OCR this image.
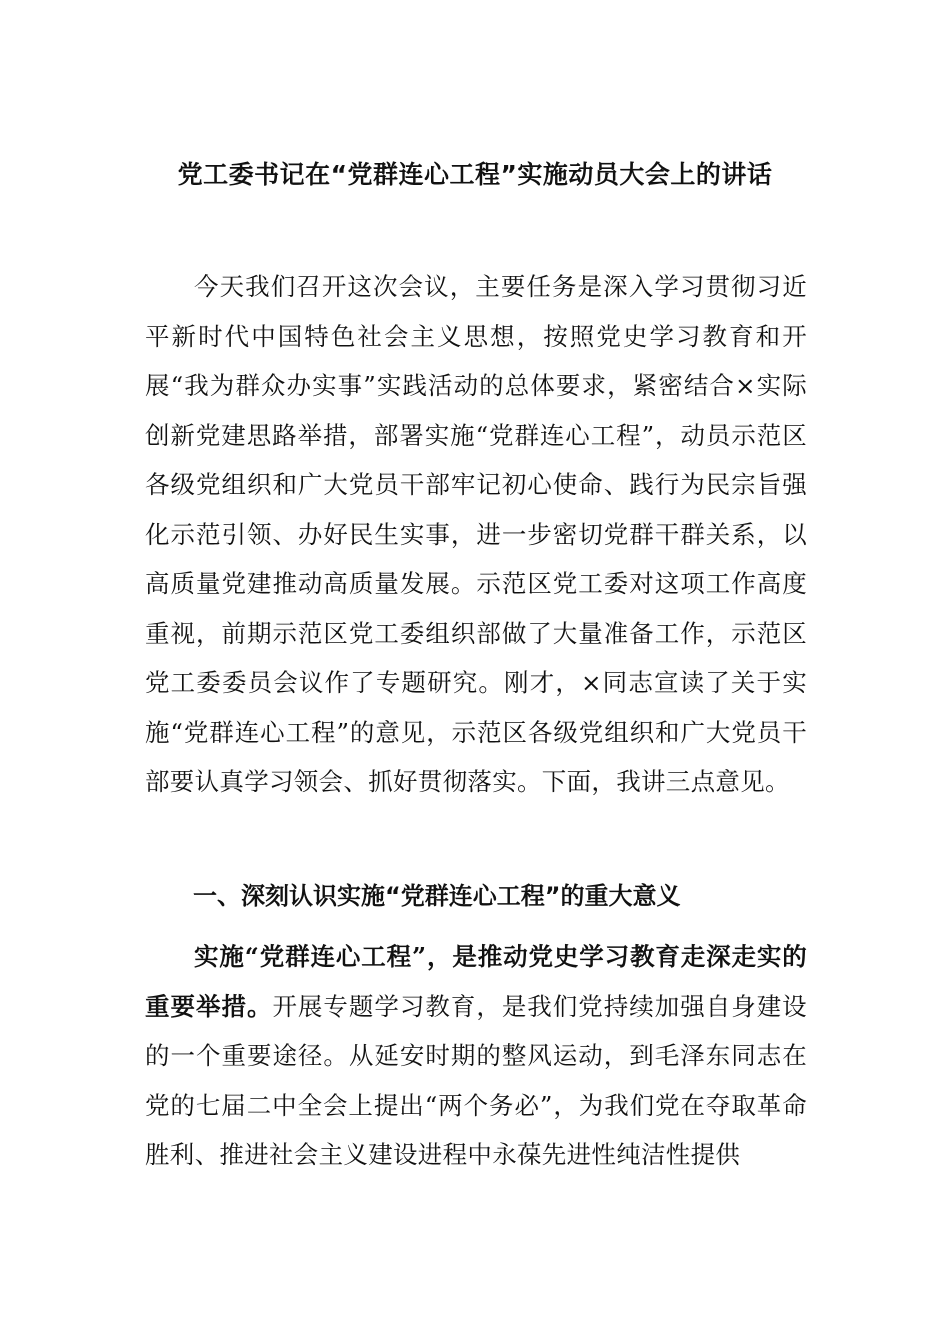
党工委书记在“党群连心工程”实施动员大会上的讲话

今天我们召开这次会议，主要任务是深入学习贯彻习近平新时代中国特色社会主义思想，按照党史学习教育和开展“我为群众办实事”实践活动的总体要求，紧密结合×实际创新党建思路举措，部署实施“党群连心工程”，动员示范区各级党组织和广大党员干部牢记初心使命、践行为民宗旨强化示范引领、办好民生实事，进一步密切党群干群关系，以高质量党建推动高质量发展。示范区党工委对这项工作高度重视，前期示范区党工委组织部做了大量准备工作，示范区党工委委员会议作了专题研究。刚才，×同志宣读了关于实施“党群连心工程”的意见，示范区各级党组织和广大党员干部要认真学习领会、抓好贯彻落实。下面，我讲三点意见。

一、深刻认识实施“党群连心工程”的重大意义

实施“党群连心工程”，是推动党史学习教育走深走实的重要举措。开展专题学习教育，是我们党持续加强自身建设的一个重要途径。从延安时期的整风运动，到毛泽东同志在党的七届二中全会上提出“两个务必”，为我们党在夺取革命胜利、推进社会主义建设进程中永葆先进性纯洁性提供
